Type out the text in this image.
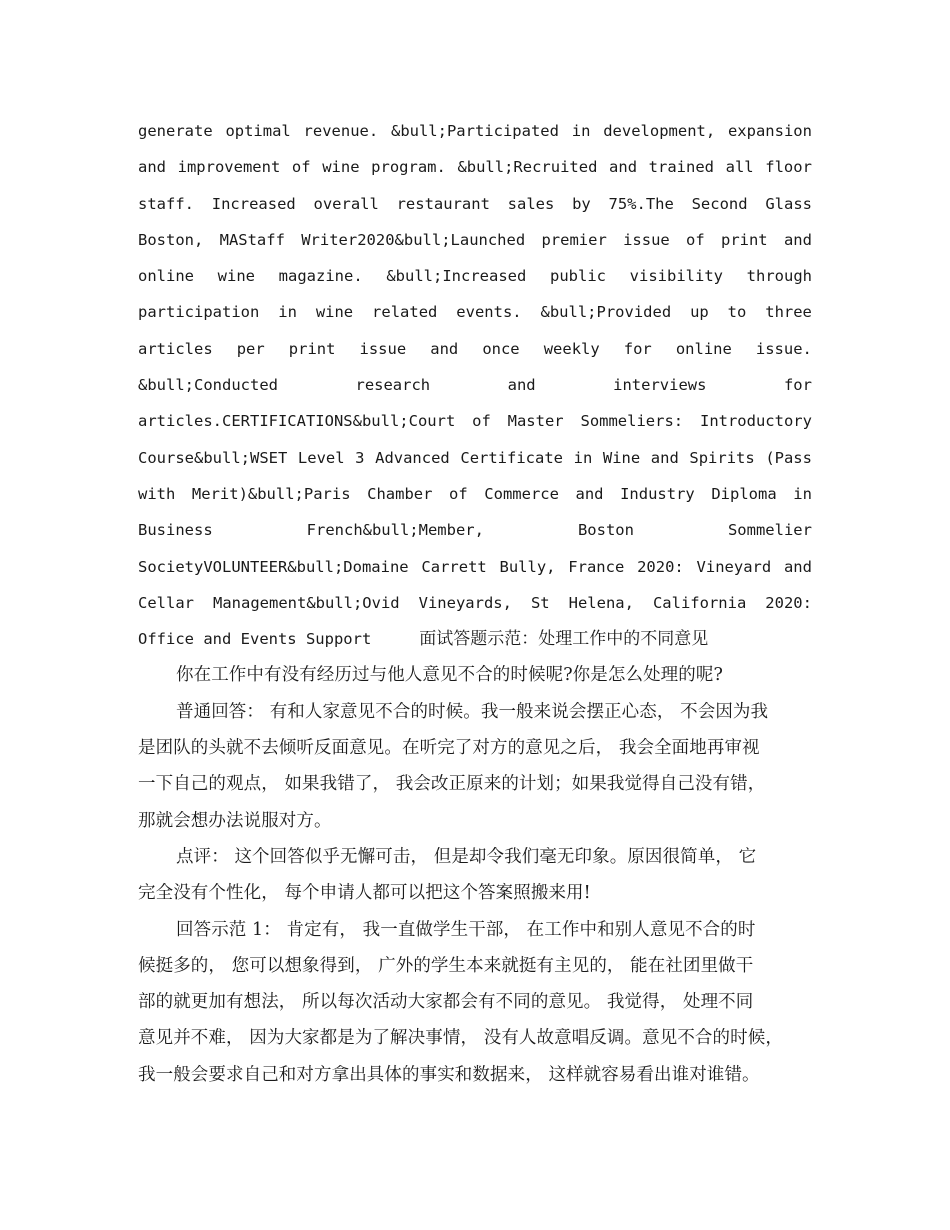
generate optimal revenue. &bull;Participated in development, expansion
and improvement of wine program. &bull;Recruited and trained all floor
staff. Increased overall restaurant sales by 75%.The Second Glass
Boston, MAStaff Writer2020&bull;Launched premier issue of print and
online wine magazine. &bull;Increased public visibility through
participation in wine related events. &bull;Provided up to three
articles per print issue and once weekly for online issue.
&bull;Conducted	research	and	interviews	for
articles.CERTIFICATIONS&bull;Court of Master Sommeliers: Introductory
Course&bull;WSET Level 3 Advanced Certificate in Wine and Spirits (Pass
with Merit)&bull;Paris Chamber of Commerce and Industry Diploma in
Business	French&bull;Member,	Boston	Sommelier
SocietyVOLUNTEER&bull;Domaine Carrett Bully, France 2020: Vineyard and
Cellar Management&bull;Ovid Vineyards, St Helena, California 2020:
Office and Events Support	面试答题示范：处理工作中的不同意见
你在工作中有没有经历过与他人意见不合的时候呢?你是怎么处理的呢?
普通回答： 有和人家意见不合的时候。我一般来说会摆正心态， 不会因为我
是团队的头就不去倾听反面意见。在听完了对方的意见之后， 我会全面地再审视
一下自己的观点， 如果我错了， 我会改正原来的计划；如果我觉得自己没有错，
那就会想办法说服对方。
点评： 这个回答似乎无懈可击， 但是却令我们毫无印象。原因很简单， 它
完全没有个性化， 每个申请人都可以把这个答案照搬来用!
回答示范 1： 肯定有， 我一直做学生干部， 在工作中和别人意见不合的时
候挺多的， 您可以想象得到， 广外的学生本来就挺有主见的， 能在社团里做干
部的就更加有想法， 所以每次活动大家都会有不同的意见。 我觉得， 处理不同
意见并不难， 因为大家都是为了解决事情， 没有人故意唱反调。意见不合的时候，
我一般会要求自己和对方拿出具体的事实和数据来， 这样就容易看出谁对谁错。
